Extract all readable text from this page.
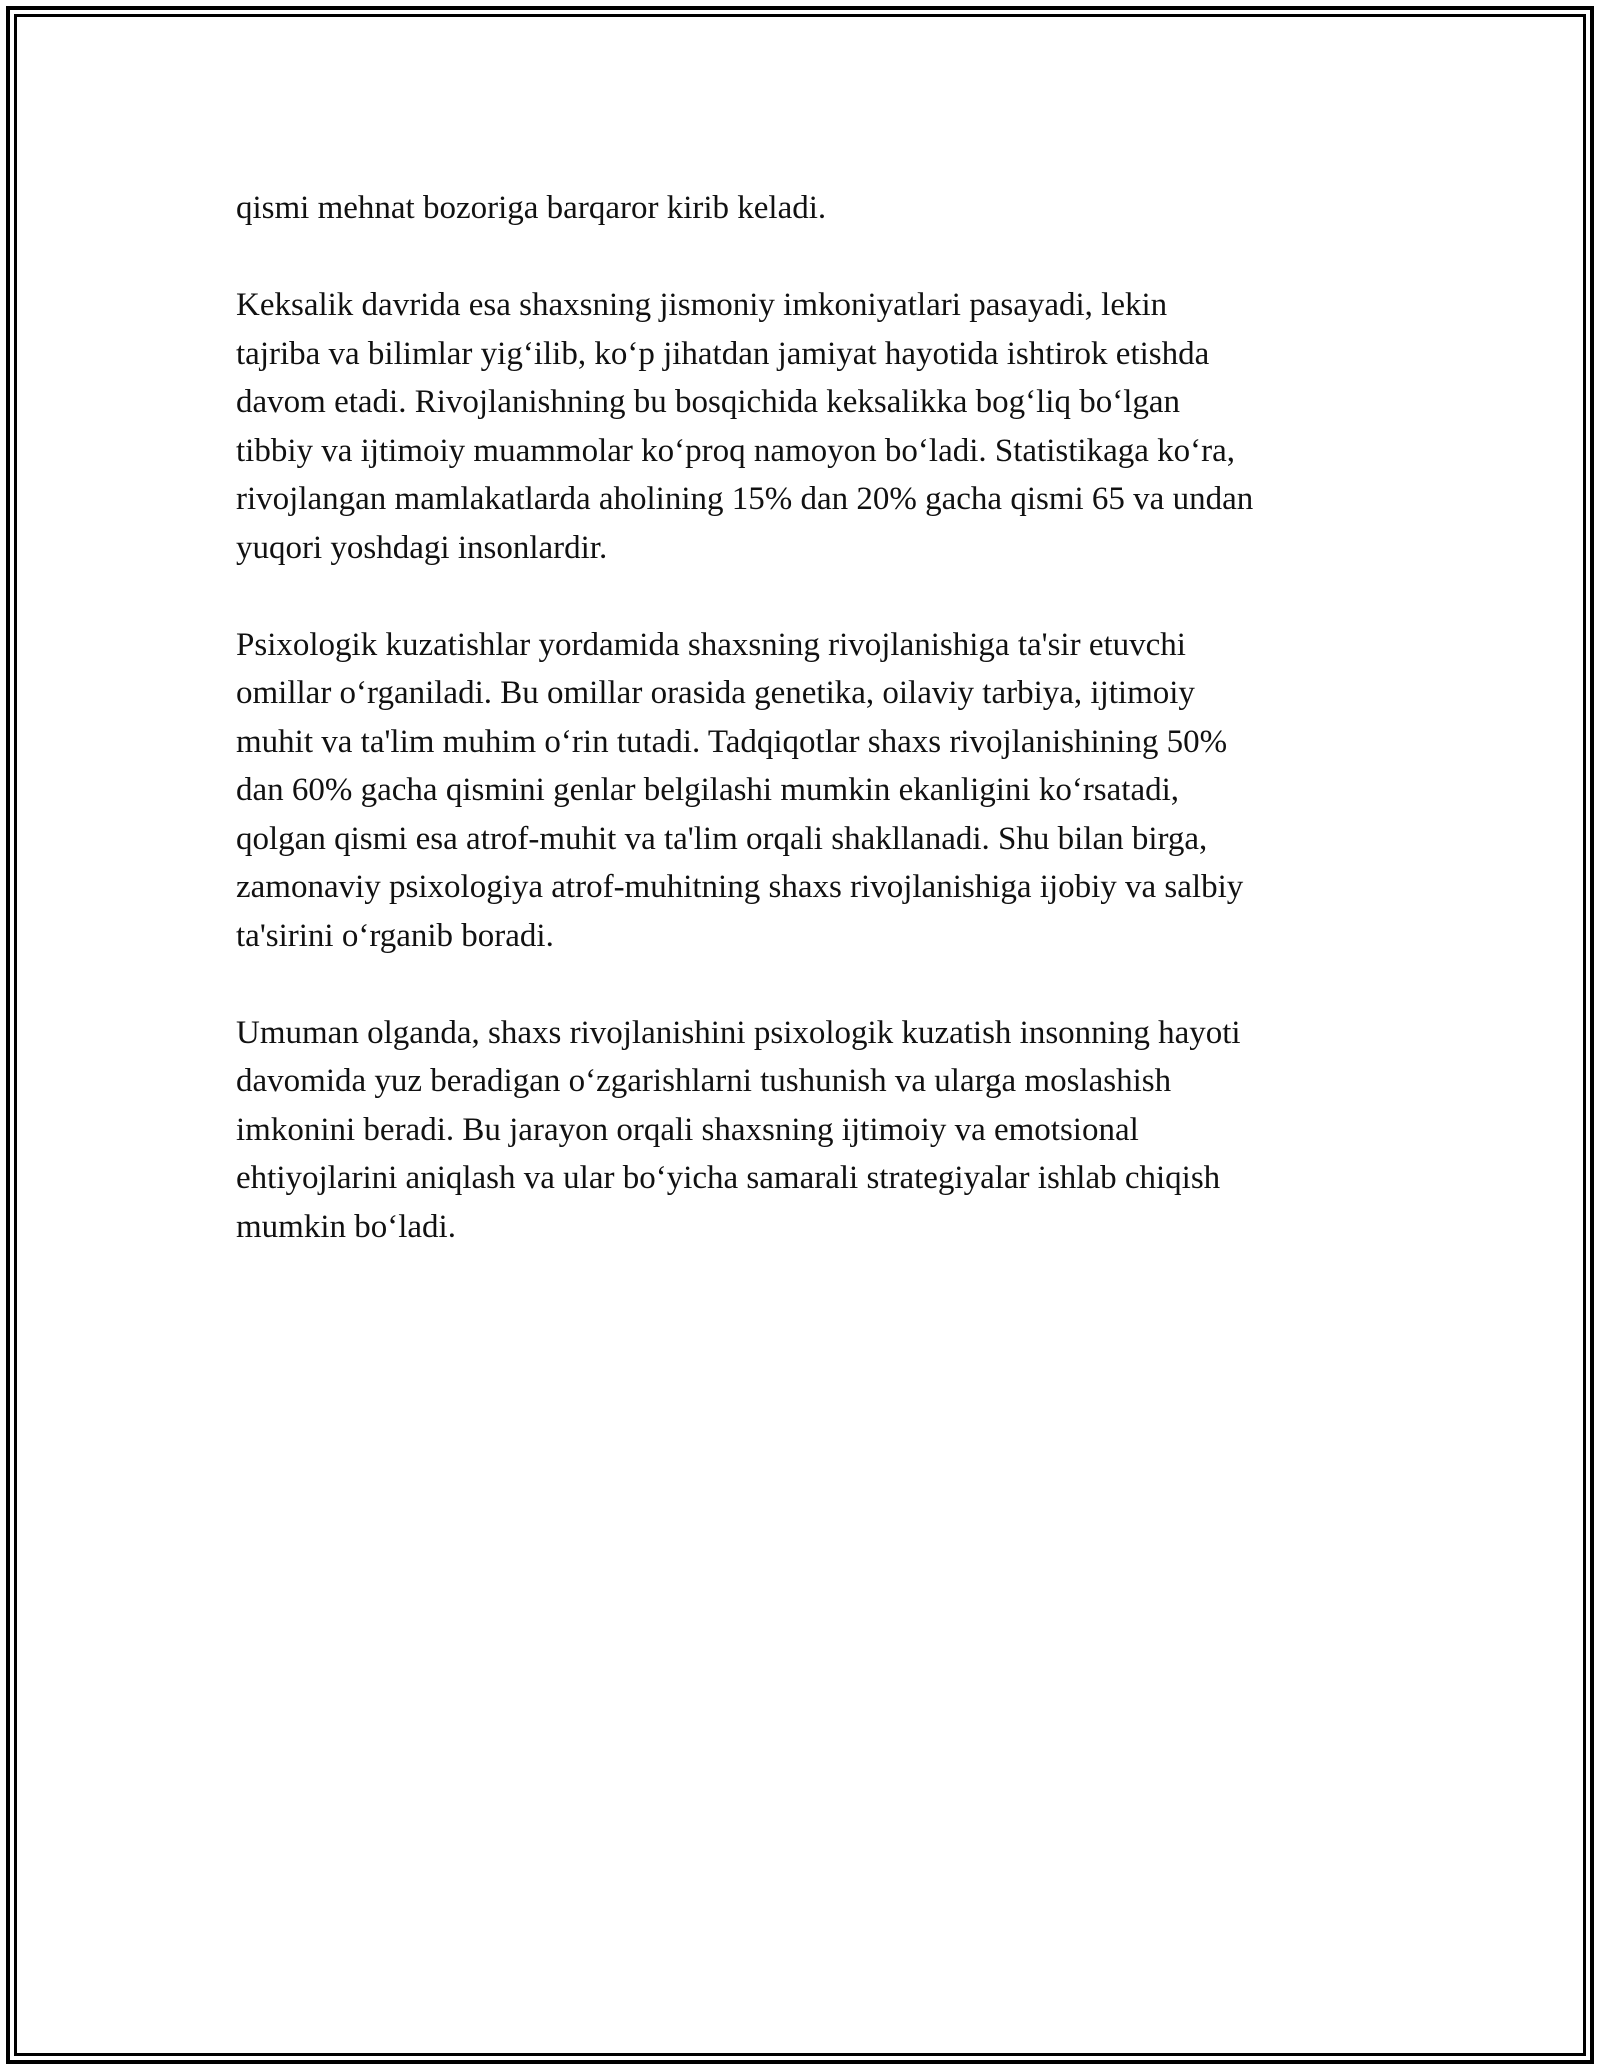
qismi mehnat bozoriga barqaror kirib keladi.

Keksalik davrida esa shaxsning jismoniy imkoniyatlari pasayadi, lekin
tajriba va bilimlar yig‘ilib, ko‘p jihatdan jamiyat hayotida ishtirok etishda
davom etadi. Rivojlanishning bu bosqichida keksalikka bog‘liq bo‘lgan
tibbiy va ijtimoiy muammolar ko‘proq namoyon bo‘ladi. Statistikaga ko‘ra,
rivojlangan mamlakatlarda aholining 15% dan 20% gacha qismi 65 va undan
yuqori yoshdagi insonlardir.

Psixologik kuzatishlar yordamida shaxsning rivojlanishiga ta'sir etuvchi
omillar o‘rganiladi. Bu omillar orasida genetika, oilaviy tarbiya, ijtimoiy
muhit va ta'lim muhim o‘rin tutadi. Tadqiqotlar shaxs rivojlanishining 50%
dan 60% gacha qismini genlar belgilashi mumkin ekanligini ko‘rsatadi,
qolgan qismi esa atrof-muhit va ta'lim orqali shakllanadi. Shu bilan birga,
zamonaviy psixologiya atrof-muhitning shaxs rivojlanishiga ijobiy va salbiy
ta'sirini o‘rganib boradi.

Umuman olganda, shaxs rivojlanishini psixologik kuzatish insonning hayoti
davomida yuz beradigan o‘zgarishlarni tushunish va ularga moslashish
imkonini beradi. Bu jarayon orqali shaxsning ijtimoiy va emotsional
ehtiyojlarini aniqlash va ular bo‘yicha samarali strategiyalar ishlab chiqish
mumkin bo‘ladi.
